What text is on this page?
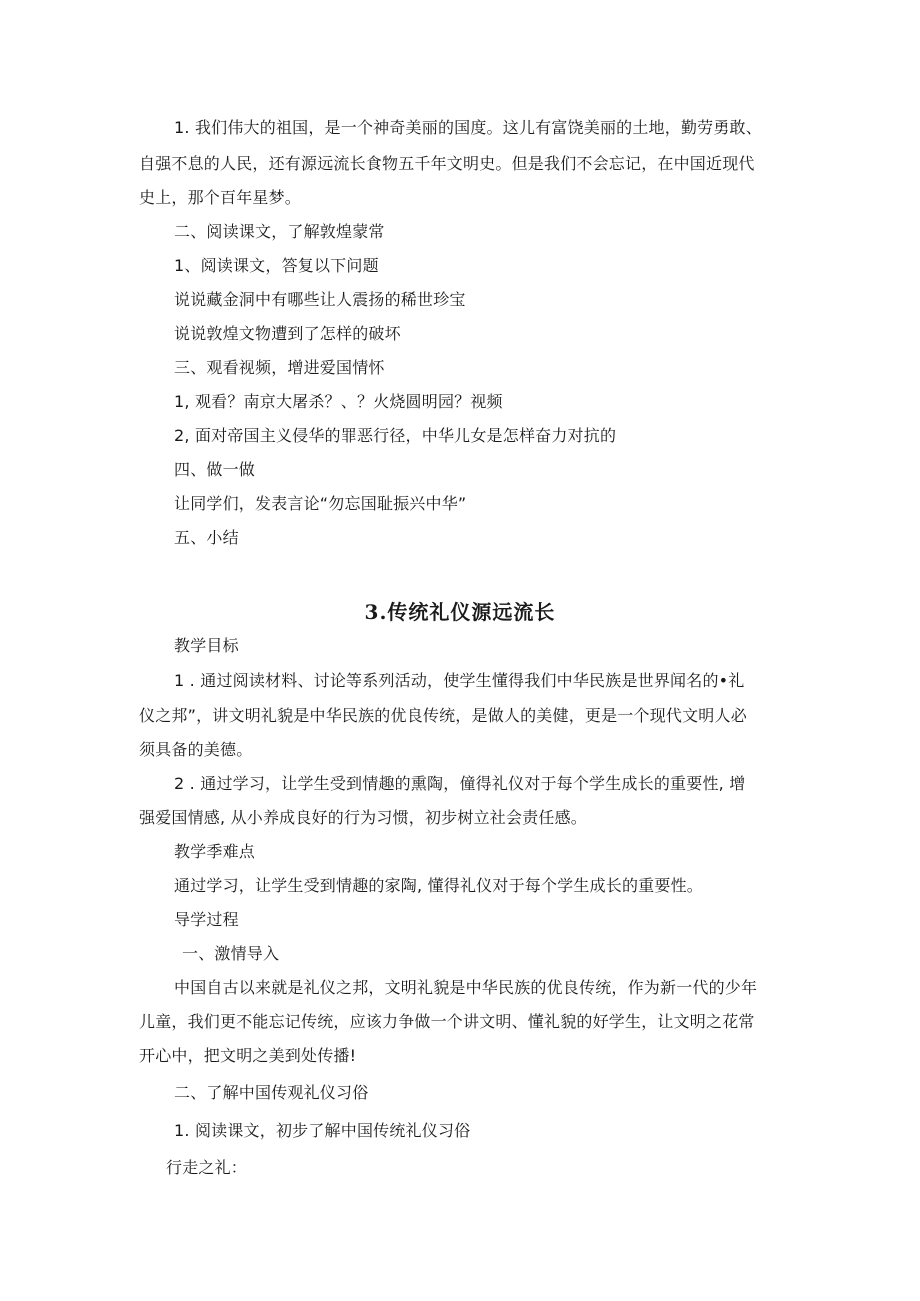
1. 我们伟大的祖国，是一个神奇美丽的国度。这儿有富饶美丽的土地，勤劳勇敢、
自强不息的人民，还有源远流长食物五千年文明史。但是我们不会忘记，在中国近现代
史上，那个百年星梦。
二、阅读课文，了解敦煌蒙常
1、阅读课文，答复以下问题
说说藏金洞中有哪些让人震扬的稀世珍宝
说说敦煌文物遭到了怎样的破坏
三、观看视频，增进爱国情怀
1, 观看？南京大屠杀？、？火烧圆明园？视频
2, 面对帝国主义侵华的罪恶行径，中华儿女是怎样奋力对抗的
四、做一做
让同学们，发表言论“勿忘国耻振兴中华”
五、小结
3.传统礼仪源远流长
教学目标
1 . 通过阅读材料、讨论等系列活动，使学生懂得我们中华民族是世界闻名的•礼
仪之邦”，讲文明礼貌是中华民族的优良传统，是做人的美健，更是一个现代文明人必
须具备的美德。
2 . 通过学习，让学生受到情趣的熏陶，僮得礼仪对于每个学生成长的重要性, 增
强爱国情感, 从小养成良好的行为习惯，初步树立社会责任感。
教学季难点
通过学习，让学生受到情趣的家陶, 懂得礼仪对于每个学生成长的重要性。
导学过程
一、激情导入
中国自古以来就是礼仪之邦，文明礼貌是中华民族的优良传统，作为新一代的少年
儿童，我们更不能忘记传统，应该力争做一个讲文明、懂礼貌的好学生，让文明之花常
开心中，把文明之美到处传播!
二、了解中国传观礼仪习俗
1. 阅读课文，初步了解中国传统礼仪习俗
行走之礼：
